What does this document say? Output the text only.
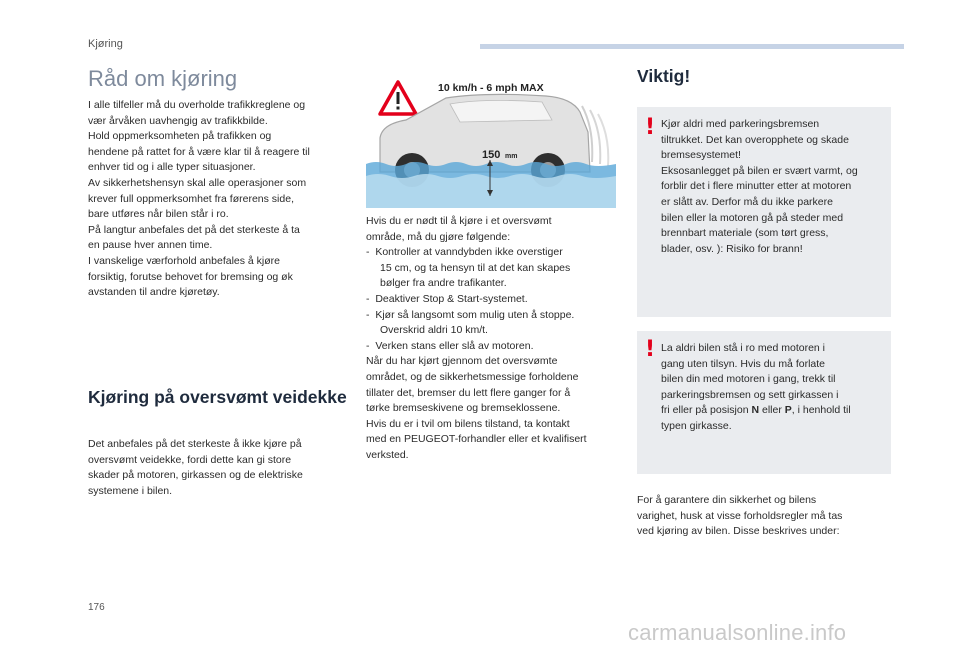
Kjøring
Råd om kjøring
I alle tilfeller må du overholde trafikkreglene og
vær årvåken uavhengig av trafikkbilde.
Hold oppmerksomheten på trafikken og
hendene på rattet for å være klar til å reagere til
enhver tid og i alle typer situasjoner.
Av sikkerhetshensyn skal alle operasjoner som
krever full oppmerksomhet fra førerens side,
bare utføres når bilen står i ro.
På langtur anbefales det på det sterkeste å ta
en pause hver annen time.
I vanskelige værforhold anbefales å kjøre
forsiktig, forutse behovet for bremsing og øk
avstanden til andre kjøretøy.
Kjøring på oversvømt veidekke
Det anbefales på det sterkeste å ikke kjøre på
oversvømt veidekke, fordi dette kan gi store
skader på motoren, girkassen og de elektriske
systemene i bilen.
10 km/h - 6 mph MAX
150 mm
Hvis du er nødt til å kjøre i et oversvømt
område, må du gjøre følgende:
-  Kontroller at vanndybden ikke overstiger
15 cm, og ta hensyn til at det kan skapes
bølger fra andre trafikanter.
-  Deaktiver Stop & Start-systemet.
-  Kjør så langsomt som mulig uten å stoppe.
Overskrid aldri 10 km/t.
-  Verken stans eller slå av motoren.
Når du har kjørt gjennom det oversvømte
området, og de sikkerhetsmessige forholdene
tillater det, bremser du lett flere ganger for å
tørke bremseskivene og bremseklossene.
Hvis du er i tvil om bilens tilstand, ta kontakt
med en PEUGEOT-forhandler eller et kvalifisert
verksted.
Viktig!
! Kjør aldri med parkeringsbremsen
tiltrukket. Det kan overopphete og skade
bremsesystemet!
Eksosanlegget på bilen er svært varmt, og
forblir det i flere minutter etter at motoren
er slått av. Derfor må du ikke parkere
bilen eller la motoren gå på steder med
brennbart materiale (som tørt gress,
blader, osv. ): Risiko for brann!
! La aldri bilen stå i ro med motoren i
gang uten tilsyn. Hvis du må forlate
bilen din med motoren i gang, trekk til
parkeringsbremsen og sett girkassen i
fri eller på posisjon N eller P, i henhold til
typen girkasse.
For å garantere din sikkerhet og bilens
varighet, husk at visse forholdsregler må tas
ved kjøring av bilen. Disse beskrives under:
176
carmanualsonline.info
